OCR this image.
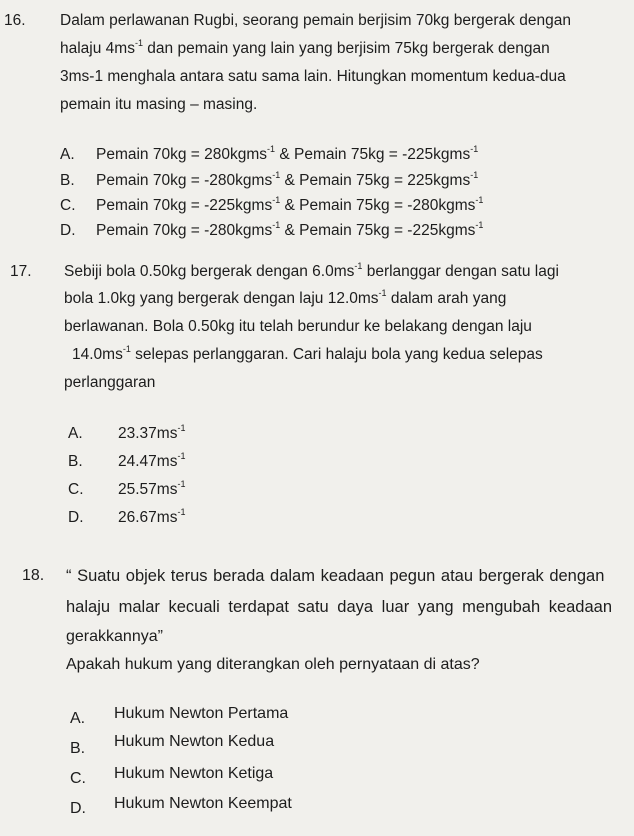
16. Dalam perlawanan Rugbi, seorang pemain berjisim 70kg bergerak dengan
halaju $4ms^{-1}$ dan pemain yang lain yang berjisim 75kg bergerak dengan
3ms-1 menghala antara satu sama lain. Hitungkan momentum kedua-dua
pemain itu masing – masing.
A. Pemain 70kg = 280kgms$^{-1}$ & Pemain 75kg = -225kgms$^{-1}$
B. Pemain 70kg = -280kgms$^{-1}$ & Pemain 75kg = 225kgms$^{-1}$
C. Pemain 70kg = -225kgms$^{-1}$ & Pemain 75kg = -280kgms$^{-1}$
D. Pemain 70kg = -280kgms$^{-1}$ & Pemain 75kg = -225kgms$^{-1}$
17. Sebiji bola 0.50kg bergerak dengan $6.0ms^{-1}$ berlanggar dengan satu lagi
bola 1.0kg yang bergerak dengan laju $12.0ms^{-1}$ dalam arah yang
berlawanan. Bola 0.50kg itu telah berundur ke belakang dengan laju
$14.0ms^{-1}$ selepas perlanggaran. Cari halaju bola yang kedua selepas
perlanggaran
A. $23.37ms^{-1}$
B. $24.47ms^{-1}$
C. $25.57ms^{-1}$
D. $26.67ms^{-1}$
18. “ Suatu objek terus berada dalam keadaan pegun atau bergerak dengan
halaju malar kecuali terdapat satu daya luar yang mengubah keadaan
gerakkannya”
Apakah hukum yang diterangkan oleh pernyataan di atas?
A. Hukum Newton Pertama
B. Hukum Newton Kedua
C. Hukum Newton Ketiga
D. Hukum Newton Keempat
